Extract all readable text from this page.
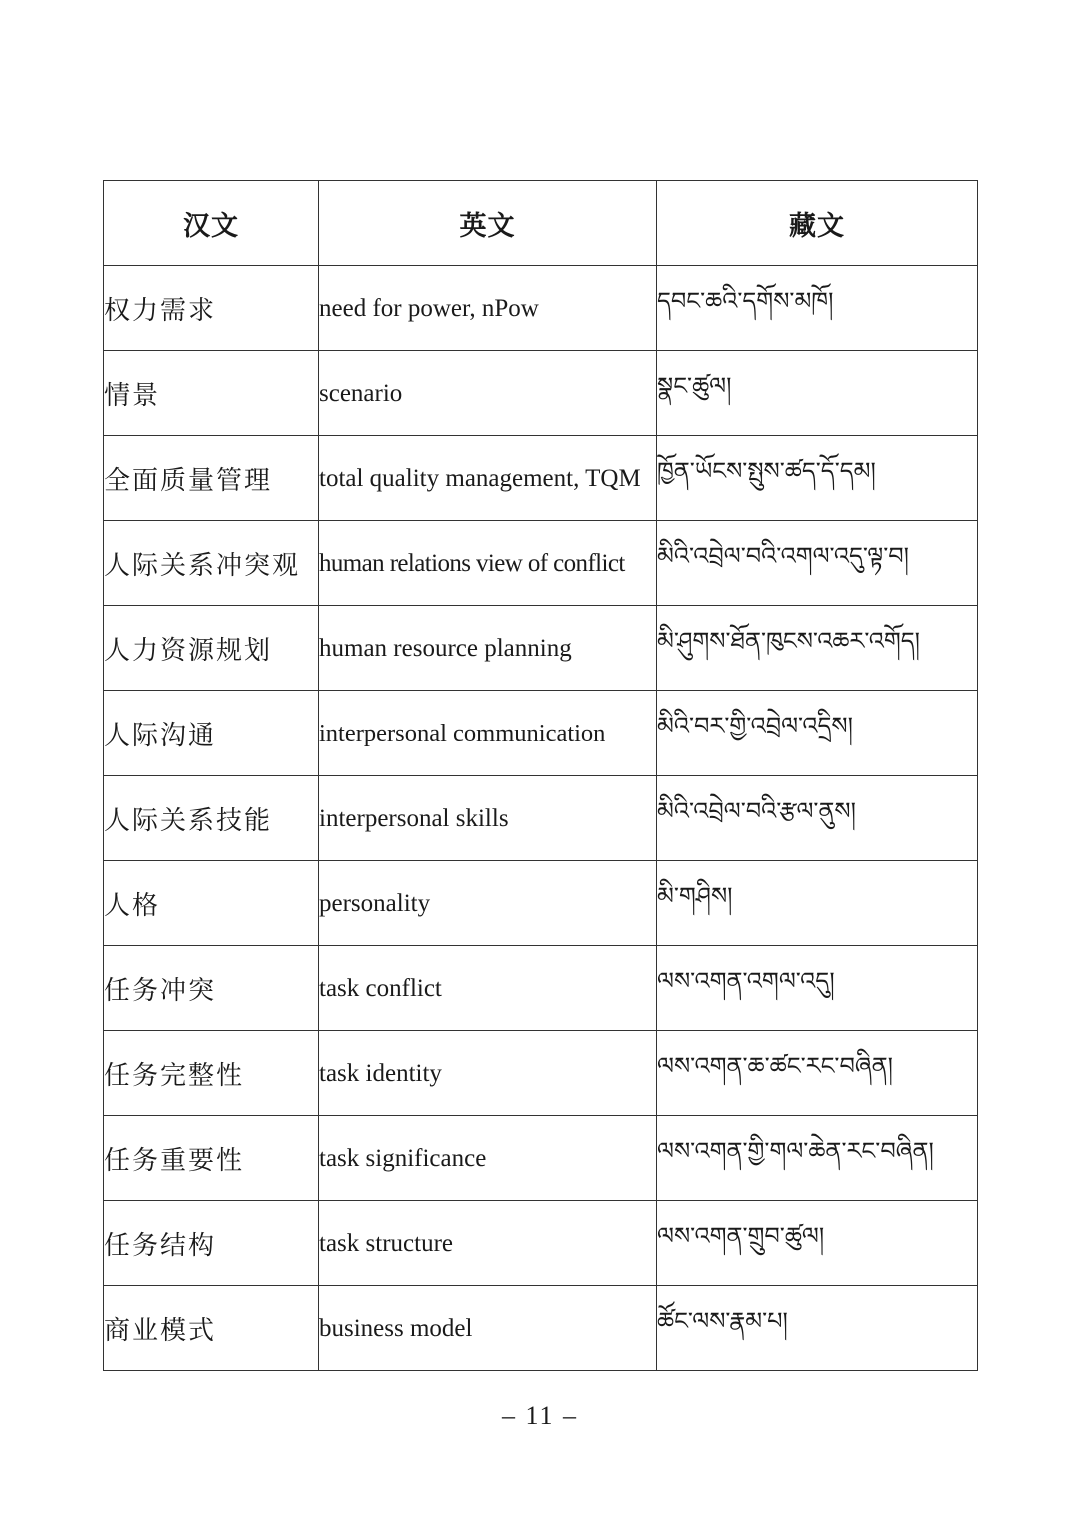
汉文	英文	藏文
权力需求	need for power, nPow	དབང་ཆའི་དགོས་མཁོ།
情景	scenario	སྣང་ཚུལ།
全面质量管理	total quality management, TQM	ཁྱོན་ཡོངས་སྤུས་ཚད་དོ་དམ།
人际关系冲突观	human relations view of conflict	མིའི་འབྲེལ་བའི་འགལ་འདུ་ལྟ་བ།
人力资源规划	human resource planning	མི་ཤུགས་ཐོན་ཁུངས་འཆར་འགོད།
人际沟通	interpersonal communication	མིའི་བར་གྱི་འབྲེལ་འདྲིས།
人际关系技能	interpersonal skills	མིའི་འབྲེལ་བའི་རྩལ་ནུས།
人格	personality	མི་གཤིས།
任务冲突	task conflict	ལས་འགན་འགལ་འདུ།
任务完整性	task identity	ལས་འགན་ཆ་ཚང་རང་བཞིན།
任务重要性	task significance	ལས་འགན་གྱི་གལ་ཆེན་རང་བཞིན།
任务结构	task structure	ལས་འགན་གྲུབ་ཚུལ།
商业模式	business model	ཚོང་ལས་རྣམ་པ།
– 11 –
